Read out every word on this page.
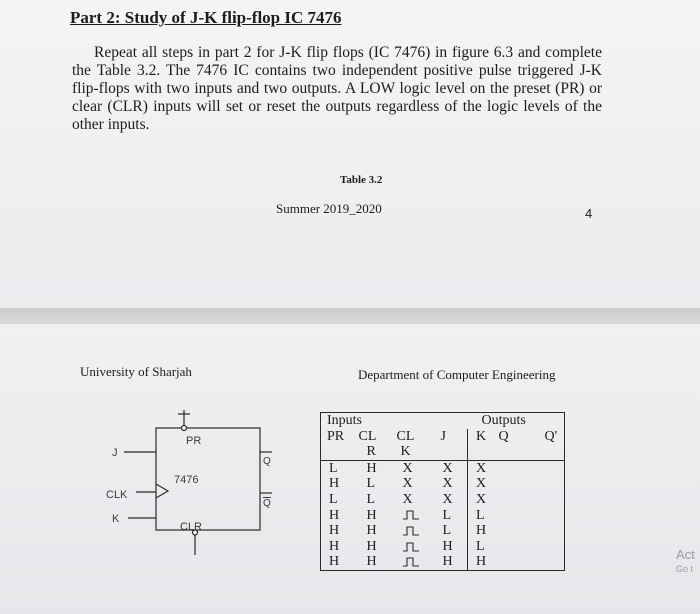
Part 2: Study of J-K flip-flop IC 7476

Repeat all steps in part 2 for J-K flip flops (IC 7476) in figure 6.3 and complete the Table 3.2. The 7476 IC contains two independent positive pulse triggered J-K flip-flops with two inputs and two outputs. A LOW logic level on the preset (PR) or clear (CLR) inputs will set or reset the outputs regardless of the logic levels of the other inputs.

Table 3.2
Summer 2019_2020	4
University of Sharjah	Department of Computer Engineering
PR
7476
CLR
J
CLK
K
Q
Q
Inputs				Outputs		
PR	CL	CL	J	K	Q	Q'
	R	K				
L	H	X	X	X		
H	L	X	X	X		
L	L	X	X	X		
H	H		L	L		
H	H		L	H		
H	H		H	L		
H	H		H	H			Act
Go t
